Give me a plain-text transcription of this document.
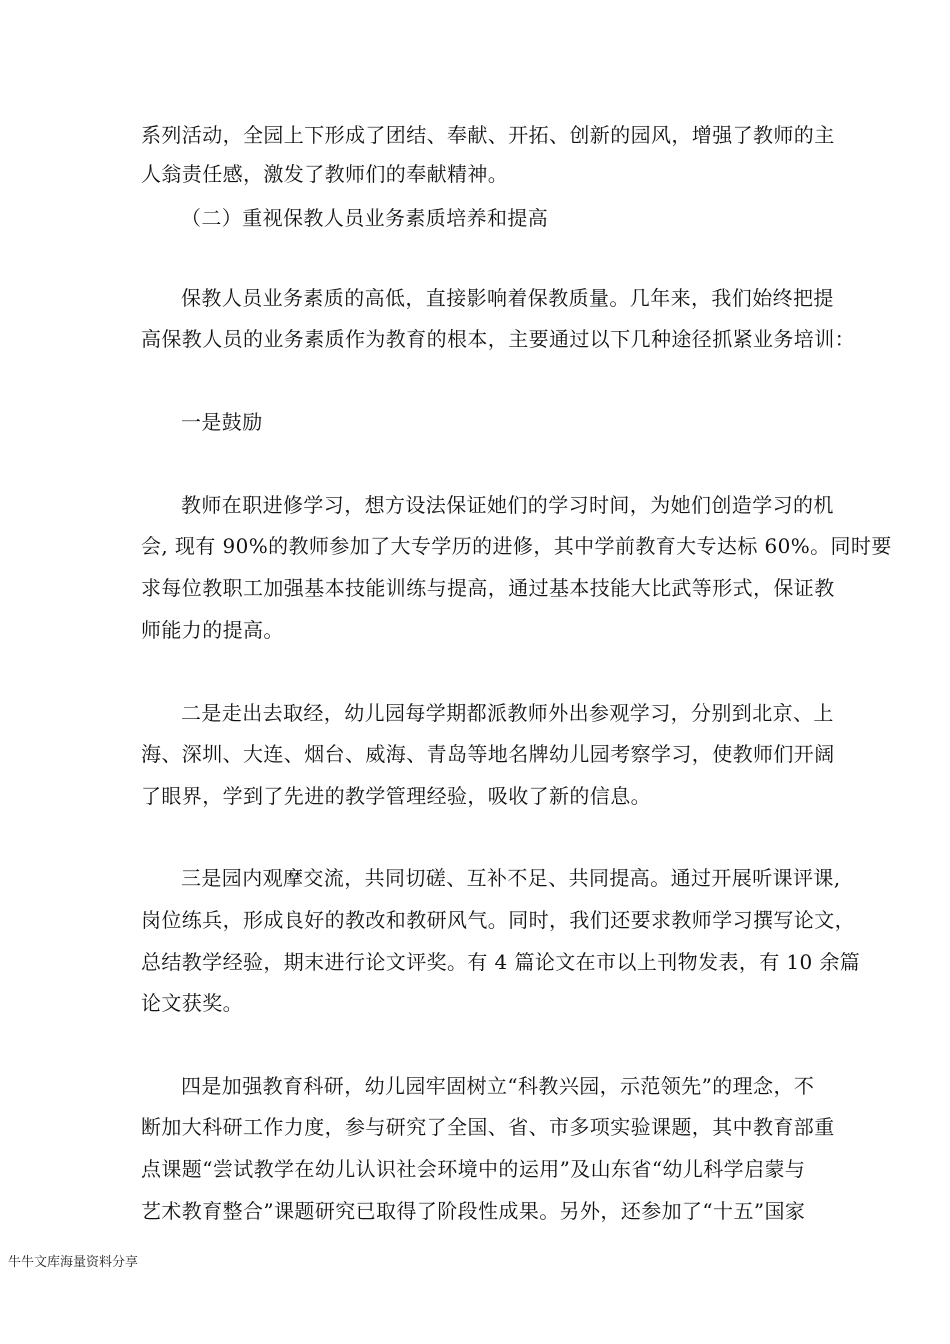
系列活动，全园上下形成了团结、奉献、开拓、创新的园风，增强了教师的主
人翁责任感，激发了教师们的奉献精神。
（二）重视保教人员业务素质培养和提高
保教人员业务素质的高低，直接影响着保教质量。几年来，我们始终把提
高保教人员的业务素质作为教育的根本，主要通过以下几种途径抓紧业务培训：
一是鼓励
教师在职进修学习，想方设法保证她们的学习时间，为她们创造学习的机
会, 现有 90%的教师参加了大专学历的进修，其中学前教育大专达标 60%。同时要
求每位教职工加强基本技能训练与提高，通过基本技能大比武等形式，保证教
师能力的提高。
二是走出去取经，幼儿园每学期都派教师外出参观学习，分别到北京、上
海、深圳、大连、烟台、威海、青岛等地名牌幼儿园考察学习，使教师们开阔
了眼界，学到了先进的教学管理经验，吸收了新的信息。
三是园内观摩交流，共同切磋、互补不足、共同提高。通过开展听课评课,
岗位练兵，形成良好的教改和教研风气。同时，我们还要求教师学习撰写论文，
总结教学经验，期末进行论文评奖。有 4 篇论文在市以上刊物发表，有 10 余篇
论文获奖。
四是加强教育科研，幼儿园牢固树立“科教兴园，示范领先”的理念，不
断加大科研工作力度，参与研究了全国、省、市多项实验课题，其中教育部重
点课题“尝试教学在幼儿认识社会环境中的运用”及山东省“幼儿科学启蒙与
艺术教育整合”课题研究已取得了阶段性成果。另外，还参加了“十五”国家
牛牛文库海量资料分享
